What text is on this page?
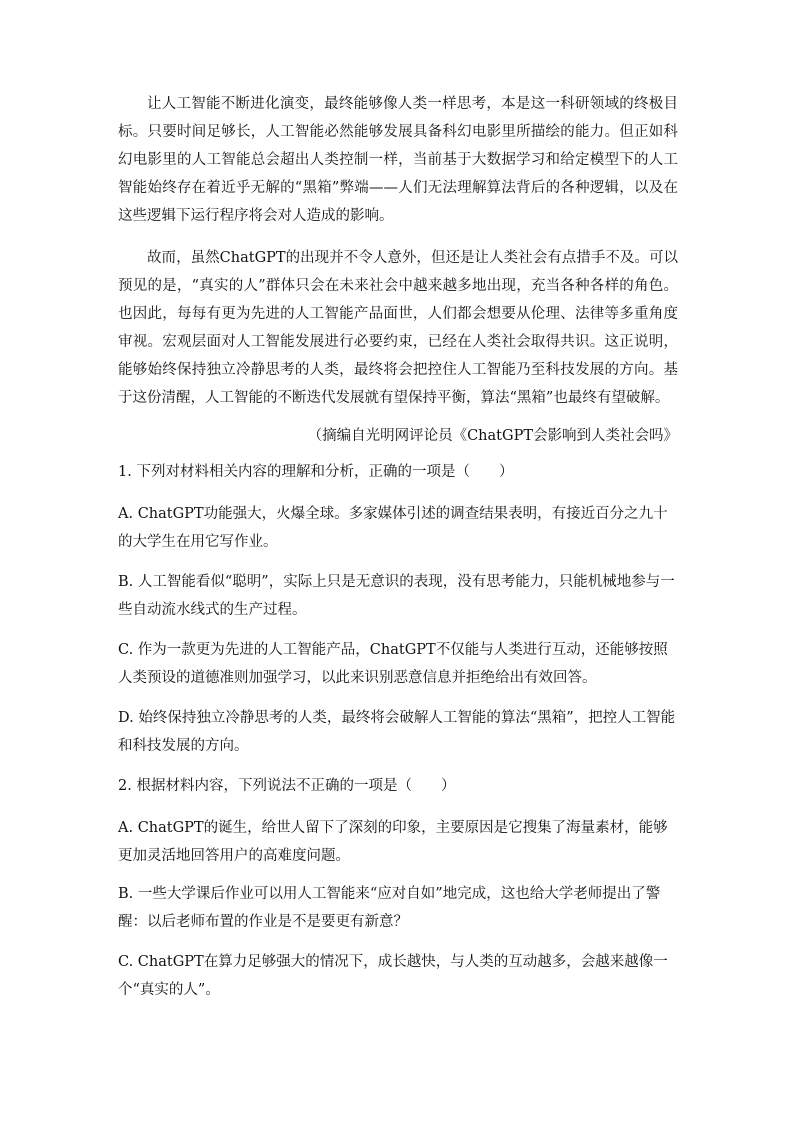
让人工智能不断进化演变，最终能够像人类一样思考，本是这一科研领域的终极目标。只要时间足够长，人工智能必然能够发展具备科幻电影里所描绘的能力。但正如科幻电影里的人工智能总会超出人类控制一样，当前基于大数据学习和给定模型下的人工智能始终存在着近乎无解的“黑箱”弊端——人们无法理解算法背后的各种逻辑，以及在这些逻辑下运行程序将会对人造成的影响。

故而，虽然ChatGPT的出现并不令人意外，但还是让人类社会有点措手不及。可以预见的是，“真实的人”群体只会在未来社会中越来越多地出现，充当各种各样的角色。也因此，每每有更为先进的人工智能产品面世，人们都会想要从伦理、法律等多重角度审视。宏观层面对人工智能发展进行必要约束，已经在人类社会取得共识。这正说明，能够始终保持独立冷静思考的人类，最终将会把控住人工智能乃至科技发展的方向。基于这份清醒，人工智能的不断迭代发展就有望保持平衡，算法“黑箱”也最终有望破解。

（摘编自光明网评论员《ChatGPT会影响到人类社会吗》

1. 下列对材料相关内容的理解和分析，正确的一项是（　　）

A. ChatGPT功能强大，火爆全球。多家媒体引述的调查结果表明，有接近百分之九十的大学生在用它写作业。

B. 人工智能看似“聪明”，实际上只是无意识的表现，没有思考能力，只能机械地参与一些自动流水线式的生产过程。

C. 作为一款更为先进的人工智能产品，ChatGPT不仅能与人类进行互动，还能够按照人类预设的道德准则加强学习，以此来识别恶意信息并拒绝给出有效回答。

D. 始终保持独立冷静思考的人类，最终将会破解人工智能的算法“黑箱”，把控人工智能和科技发展的方向。

2. 根据材料内容，下列说法不正确的一项是（　　）

A. ChatGPT的诞生，给世人留下了深刻的印象，主要原因是它搜集了海量素材，能够更加灵活地回答用户的高难度问题。

B. 一些大学课后作业可以用人工智能来“应对自如”地完成，这也给大学老师提出了警醒：以后老师布置的作业是不是要更有新意？

C. ChatGPT在算力足够强大的情况下，成长越快，与人类的互动越多，会越来越像一个“真实的人”。
